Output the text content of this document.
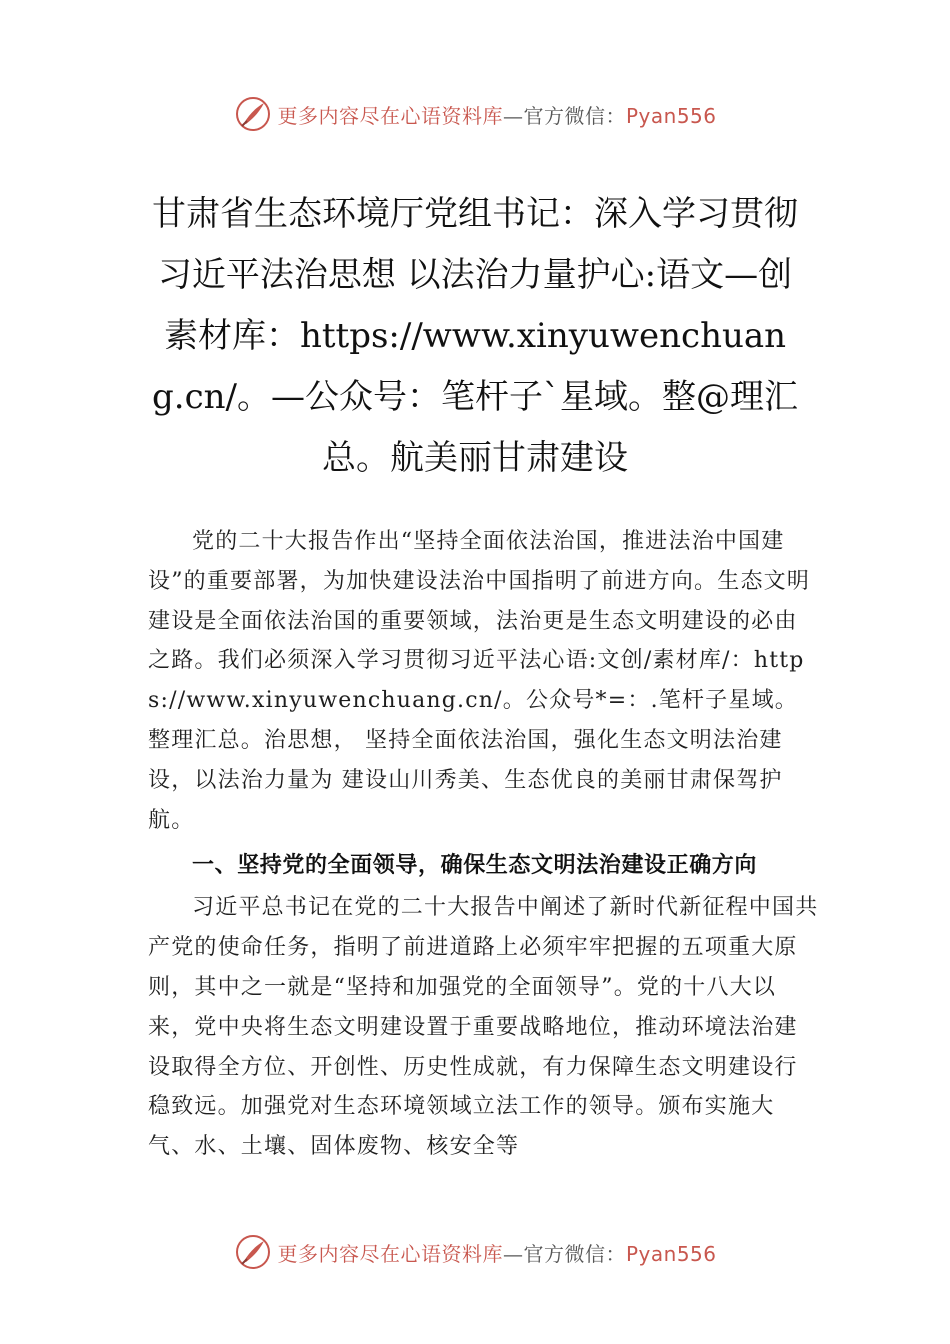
更多内容尽在心语资料库—官方微信：Pyan556
甘肃省生态环境厅党组书记：深入学习贯彻习近平法治思想 以法治力量护心:语文—创素材库：https://www.xinyuwenchuang.cn/。—公众号：笔杆子`星域。整@理汇总。航美丽甘肃建设

党的二十大报告作出“坚持全面依法治国，推进法治中国建设”的重要部署，为加快建设法治中国指明了前进方向。生态文明建设是全面依法治国的重要领域，法治更是生态文明建设的必由之路。我们必须深入学习贯彻习近平法心语:文创/素材库/：https://www.xinyuwenchuang.cn/。公众号*=：.笔杆子星域。整理汇总。治思想， 坚持全面依法治国，强化生态文明法治建设，以法治力量为 建设山川秀美、生态优良的美丽甘肃保驾护航。

一、坚持党的全面领导，确保生态文明法治建设正确方向

习近平总书记在党的二十大报告中阐述了新时代新征程中国共产党的使命任务，指明了前进道路上必须牢牢把握的五项重大原则，其中之一就是“坚持和加强党的全面领导”。党的十八大以来，党中央将生态文明建设置于重要战略地位，推动环境法治建设取得全方位、开创性、历史性成就，有力保障生态文明建设行稳致远。加强党对生态环境领域立法工作的领导。颁布实施大气、水、土壤、固体废物、核安全等

更多内容尽在心语资料库—官方微信：Pyan556
